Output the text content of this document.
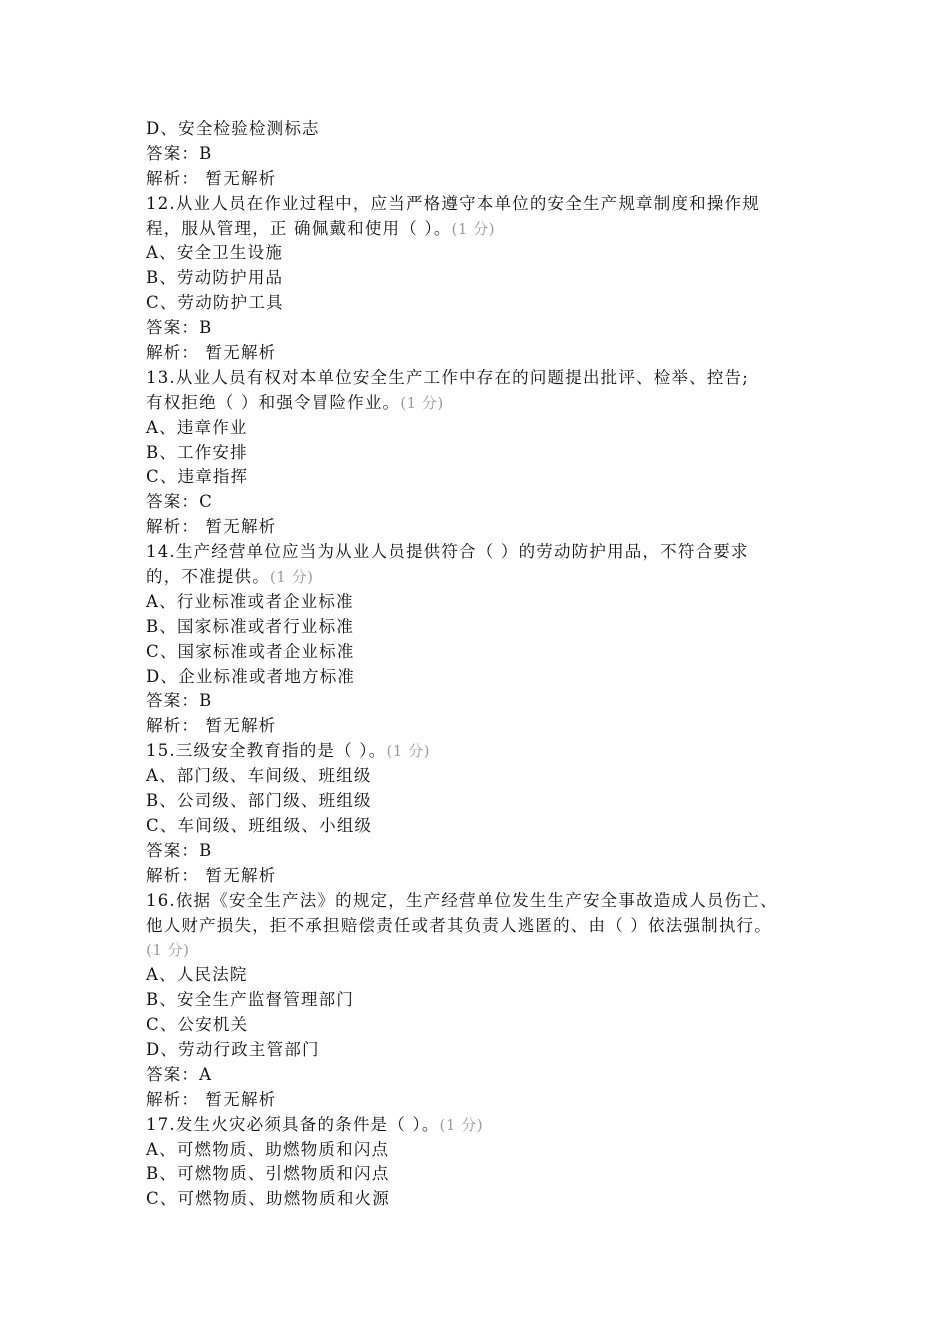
D、安全检验检测标志
答案：B
解析： 暂无解析
12.从业人员在作业过程中，应当严格遵守本单位的安全生产规章制度和操作规
程，服从管理，正 确佩戴和使用（ ）。(1 分)
A、安全卫生设施
B、劳动防护用品
C、劳动防护工具
答案：B
解析： 暂无解析
13.从业人员有权对本单位安全生产工作中存在的问题提出批评、检举、控告;
有权拒绝（ ）和强令冒险作业。(1 分)
A、违章作业
B、工作安排
C、违章指挥
答案：C
解析： 暂无解析
14.生产经营单位应当为从业人员提供符合（ ）的劳动防护用品，不符合要求
的，不准提供。(1 分)
A、行业标准或者企业标准
B、国家标准或者行业标准
C、国家标准或者企业标准
D、企业标准或者地方标准
答案：B
解析： 暂无解析
15.三级安全教育指的是（ ）。(1 分)
A、部门级、车间级、班组级
B、公司级、部门级、班组级
C、车间级、班组级、小组级
答案：B
解析： 暂无解析
16.依据《安全生产法》的规定，生产经营单位发生生产安全事故造成人员伤亡、
他人财产损失，拒不承担赔偿责任或者其负责人逃匿的、由（ ）依法强制执行。
(1 分)
A、人民法院
B、安全生产监督管理部门
C、公安机关
D、劳动行政主管部门
答案：A
解析： 暂无解析
17.发生火灾必须具备的条件是（ ）。(1 分)
A、可燃物质、助燃物质和闪点
B、可燃物质、引燃物质和闪点
C、可燃物质、助燃物质和火源
